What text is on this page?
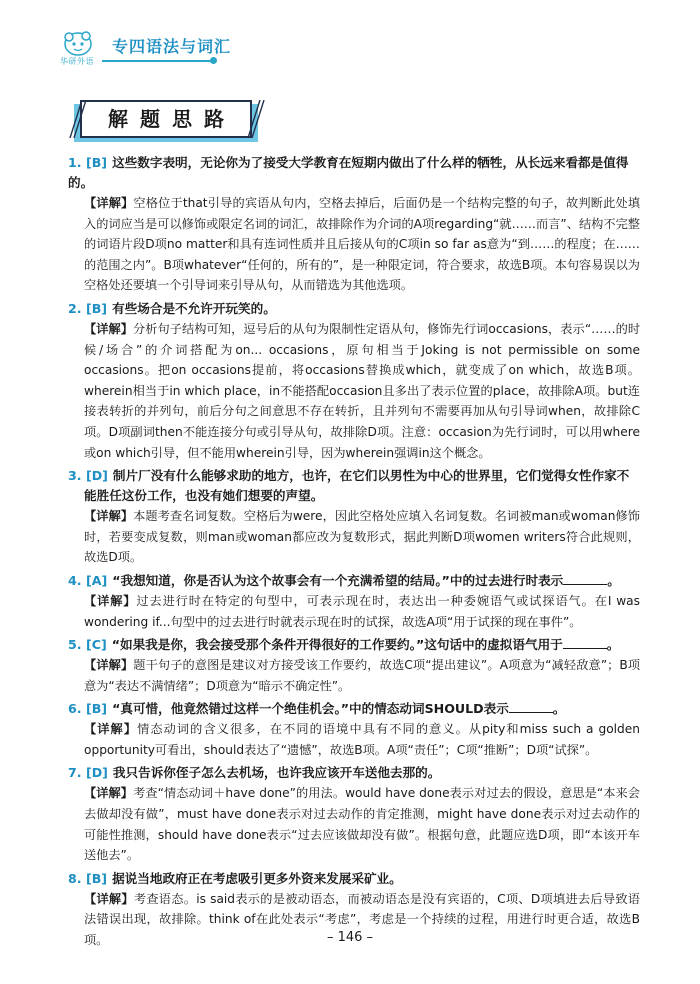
华研外语
专四语法与词汇
解题思路
1. [B] 这些数字表明，无论你为了接受大学教育在短期内做出了什么样的牺牲，从长远来看都是值得的。
【详解】空格位于that引导的宾语从句内，空格去掉后，后面仍是一个结构完整的句子，故判断此处填入的词应当是可以修饰或限定名词的词汇，故排除作为介词的A项regarding“就……而言”、结构不完整的词语片段D项no matter和具有连词性质并且后接从句的C项in so far as意为“到……的程度；在……的范围之内”。B项whatever“任何的，所有的”，是一种限定词，符合要求，故选B项。本句容易误以为空格处还要填一个引导词来引导从句，从而错选为其他选项。
2. [B] 有些场合是不允许开玩笑的。
【详解】分析句子结构可知，逗号后的从句为限制性定语从句，修饰先行词occasions，表示“……的时候/场合”的介词搭配为on... occasions，原句相当于Joking is not permissible on some occasions。把on occasions提前，将occasions替换成which，就变成了on which，故选B项。wherein相当于in which place，in不能搭配occasion且多出了表示位置的place，故排除A项。but连接表转折的并列句，前后分句之间意思不存在转折，且并列句不需要再加从句引导词when，故排除C项。D项副词then不能连接分句或引导从句，故排除D项。注意：occasion为先行词时，可以用where或on which引导，但不能用wherein引导，因为wherein强调in这个概念。
3. [D] 制片厂没有什么能够求助的地方，也许，在它们以男性为中心的世界里，它们觉得女性作家不能胜任这份工作，也没有她们想要的声望。
【详解】本题考查名词复数。空格后为were，因此空格处应填入名词复数。名词被man或woman修饰时，若要变成复数，则man或woman都应改为复数形式，据此判断D项women writers符合此规则，故选D项。
4. [A] “我想知道，你是否认为这个故事会有一个充满希望的结局。”中的过去进行时表示	。
【详解】过去进行时在特定的句型中，可表示现在时，表达出一种委婉语气或试探语气。在I was wondering if...句型中的过去进行时就表示现在时的试探，故选A项“用于试探的现在事件”。
5. [C] “如果我是你，我会接受那个条件开得很好的工作要约。”这句话中的虚拟语气用于	。
【详解】题干句子的意图是建议对方接受该工作要约，故选C项“提出建议”。A项意为“减轻敌意”；B项意为“表达不满情绪”；D项意为“暗示不确定性”。
6. [B] “真可惜，他竟然错过这样一个绝佳机会。”中的情态动词SHOULD表示	。
【详解】情态动词的含义很多，在不同的语境中具有不同的意义。从pity和miss such a golden opportunity可看出，should表达了“遗憾”，故选B项。A项“责任”；C项“推断”；D项“试探”。
7. [D] 我只告诉你侄子怎么去机场，也许我应该开车送他去那的。
【详解】考查“情态动词＋have done”的用法。would have done表示对过去的假设，意思是“本来会去做却没有做”，must have done表示对过去动作的肯定推测，might have done表示对过去动作的可能性推测，should have done表示“过去应该做却没有做”。根据句意，此题应选D项，即“本该开车送他去”。
8. [B] 据说当地政府正在考虑吸引更多外资来发展采矿业。
【详解】考查语态。is said表示的是被动语态，而被动语态是没有宾语的，C项、D项填进去后导致语法错误出现，故排除。think of在此处表示“考虑”，考虑是一个持续的过程，用进行时更合适，故选B项。	– 146 –
